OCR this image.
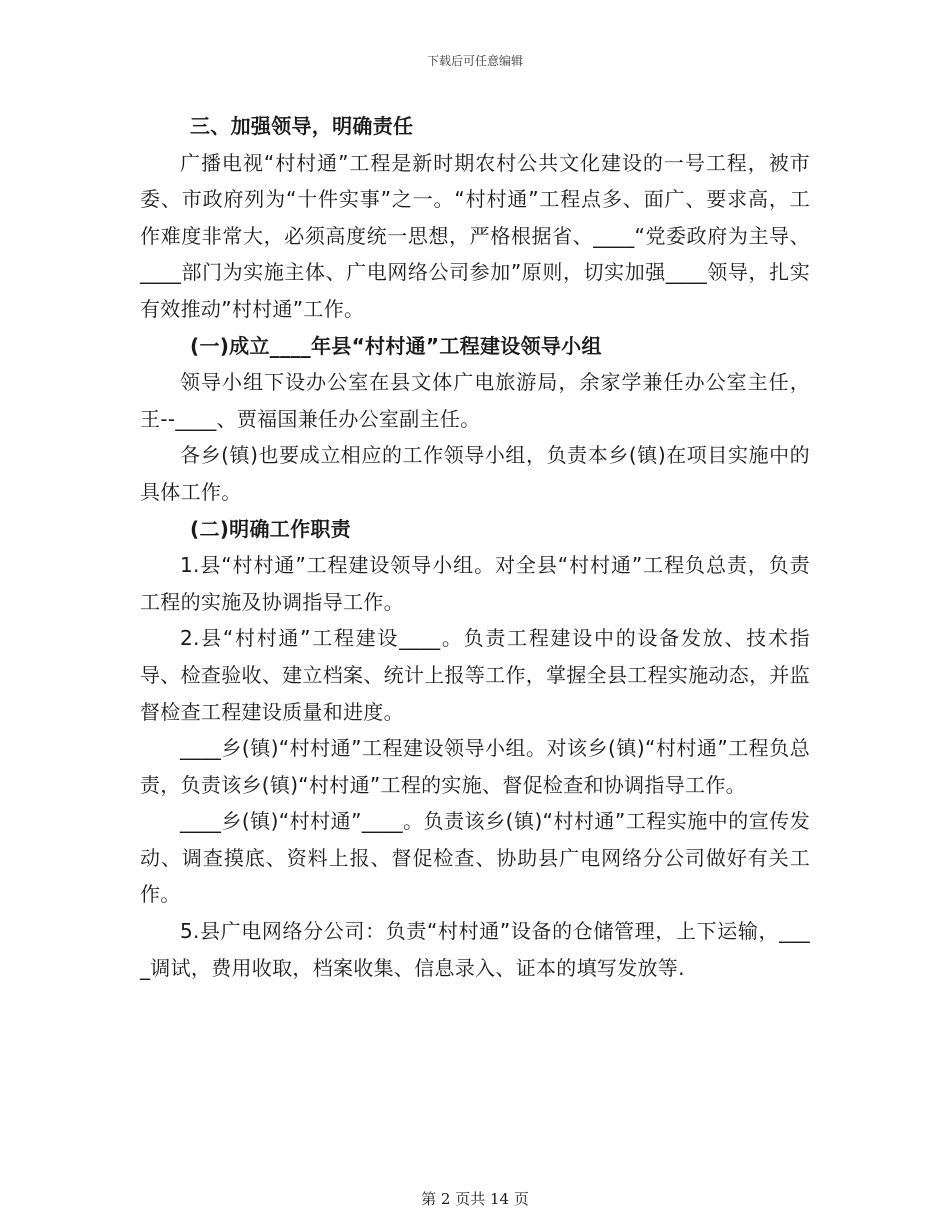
下载后可任意编辑

三、加强领导，明确责任

广播电视“村村通”工程是新时期农村公共文化建设的一号工程，被市委、市政府列为“十件实事”之一。“村村通”工程点多、面广、要求高，工作难度非常大，必须高度统一思想，严格根据省、____“党委政府为主导、____部门为实施主体、广电网络公司参加”原则，切实加强____领导，扎实有效推动”村村通”工作。

(一)成立____年县“村村通”工程建设领导小组

领导小组下设办公室在县文体广电旅游局，余家学兼任办公室主任，王--____、贾福国兼任办公室副主任。

各乡(镇)也要成立相应的工作领导小组，负责本乡(镇)在项目实施中的具体工作。

(二)明确工作职责

1.县“村村通”工程建设领导小组。对全县“村村通”工程负总责，负责工程的实施及协调指导工作。

2.县“村村通”工程建设____。负责工程建设中的设备发放、技术指导、检查验收、建立档案、统计上报等工作，掌握全县工程实施动态，并监督检查工程建设质量和进度。

____乡(镇)“村村通”工程建设领导小组。对该乡(镇)“村村通”工程负总责，负责该乡(镇)“村村通”工程的实施、督促检查和协调指导工作。

____乡(镇)“村村通”____。负责该乡(镇)“村村通”工程实施中的宣传发动、调查摸底、资料上报、督促检查、协助县广电网络分公司做好有关工作。

5.县广电网络分公司：负责“村村通”设备的仓储管理，上下运输，____调试，费用收取，档案收集、信息录入、证本的填写发放等.

第 2 页共 14 页
